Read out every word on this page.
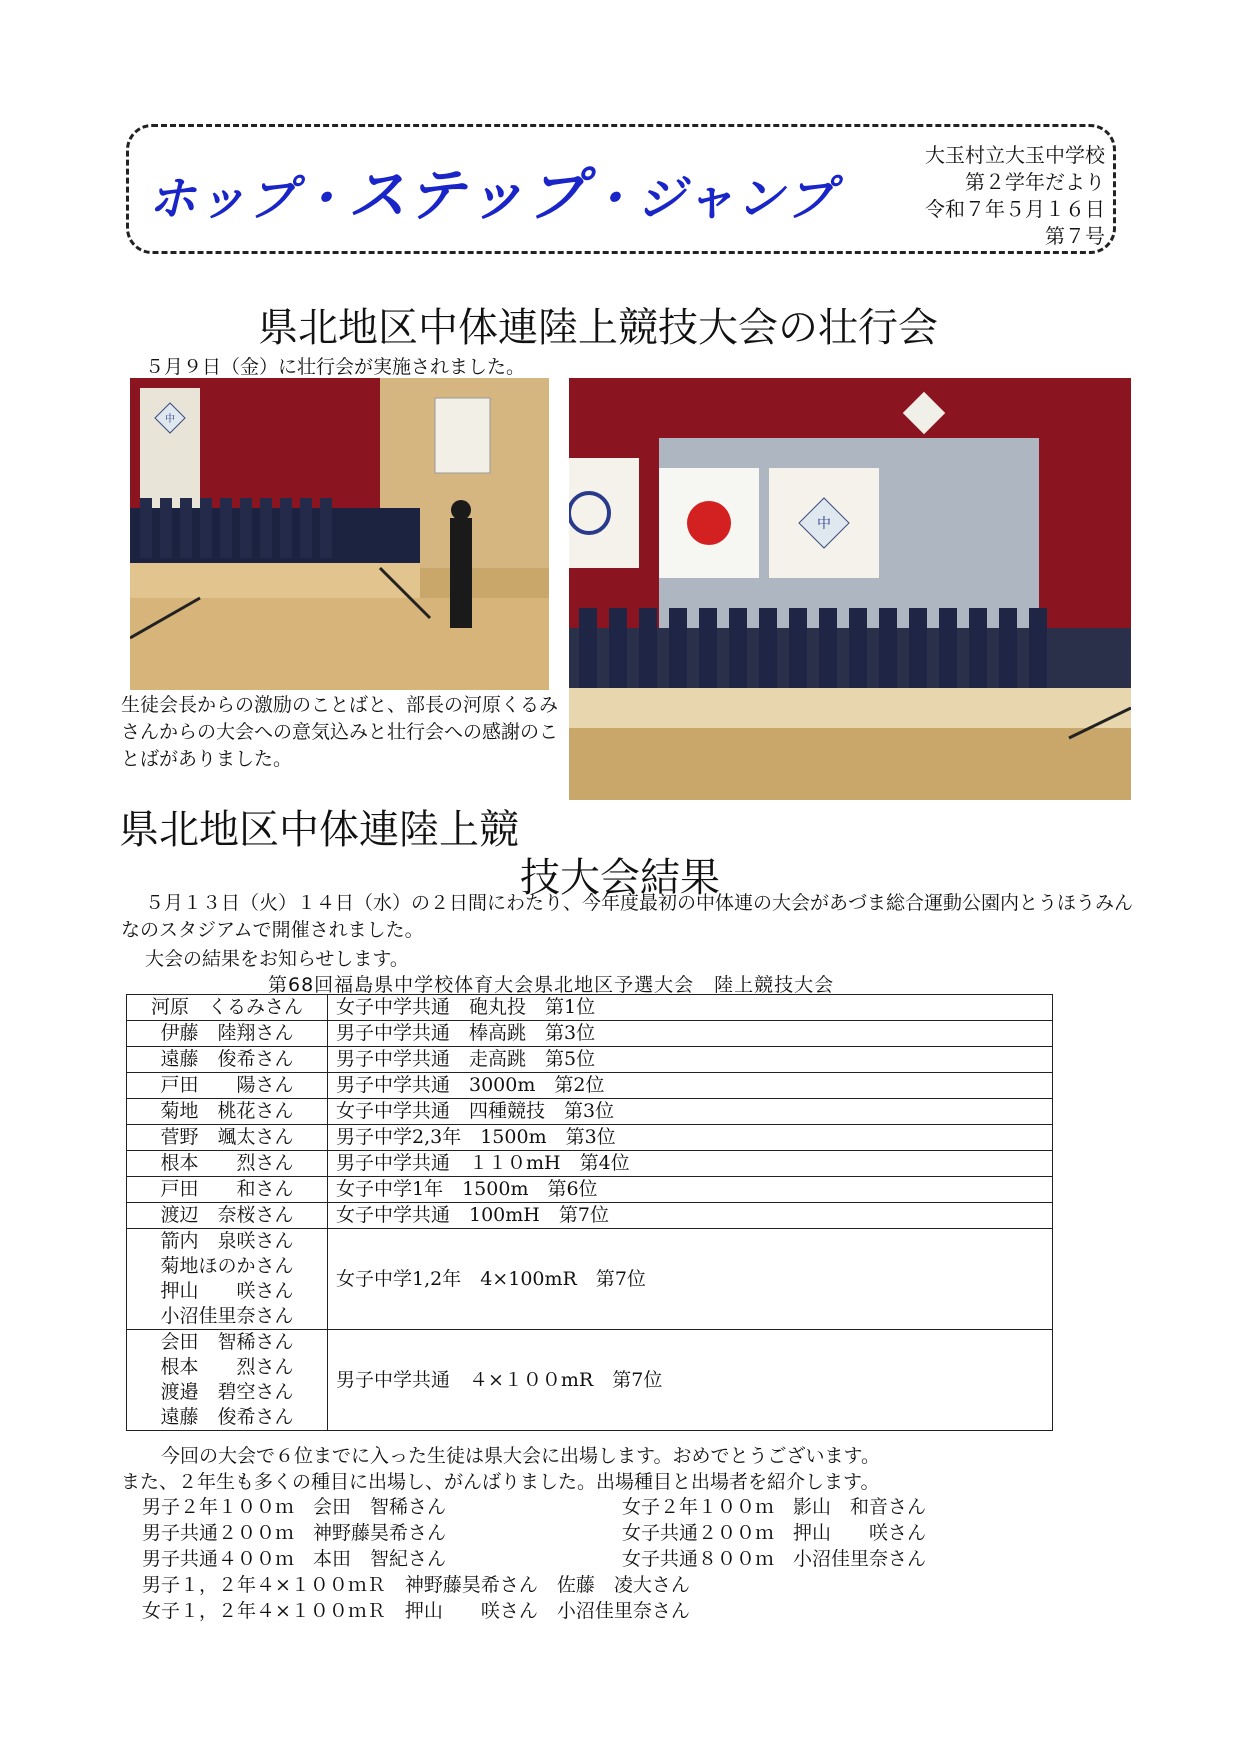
ホップ・ステップ・ジャンプ
大玉村立大玉中学校
第２学年だより
令和７年５月１６日
第７号
県北地区中体連陸上競技大会の壮行会
５月９日（金）に壮行会が実施されました。
中
中
生徒会長からの激励のことばと、部長の河原くるみさんからの大会への意気込みと壮行会への感謝のことばがありました。
県北地区中体連陸上競
技大会結果
５月１３日（火）１４日（水）の２日間にわたり、今年度最初の中体連の大会があづま総合運動公園内とうほうみんなのスタジアムで開催されました。
大会の結果をお知らせします。
第68回福島県中学校体育大会県北地区予選大会　陸上競技大会
河原　くるみさん	女子中学共通　砲丸投　第1位

伊藤　陸翔さん	男子中学共通　棒高跳　第3位

遠藤　俊希さん	男子中学共通　走高跳　第5位

戸田　　陽さん	男子中学共通　3000m　第2位

菊地　桃花さん	女子中学共通　四種競技　第3位

菅野　颯太さん	男子中学2,3年　1500m　第3位

根本　　烈さん	男子中学共通　１１０mH　第4位

戸田　　和さん	女子中学1年　1500m　第6位

渡辺　奈桜さん	女子中学共通　100mH　第7位

箭内　泉咲さん
菊地ほのかさん
押山　　咲さん
小沼佳里奈さん	女子中学1,2年　4×100mR　第7位

会田　智稀さん
根本　　烈さん
渡邉　碧空さん
遠藤　俊希さん	男子中学共通　４×１００mR　第7位
今回の大会で６位までに入った生徒は県大会に出場します。おめでとうございます。
また、２年生も多くの種目に出場し、がんばりました。出場種目と出場者を紹介します。
男子２年１００ｍ　会田　智稀さん
男子共通２００ｍ　神野藤昊希さん
男子共通４００ｍ　本田　智紀さん
男子１，２年４×１００ｍＲ　神野藤昊希さん　佐藤　凌大さん
女子１，２年４×１００ｍＲ　押山　　咲さん　小沼佳里奈さん
女子２年１００ｍ　影山　和音さん
女子共通２００ｍ　押山　　咲さん
女子共通８００ｍ　小沼佳里奈さん
